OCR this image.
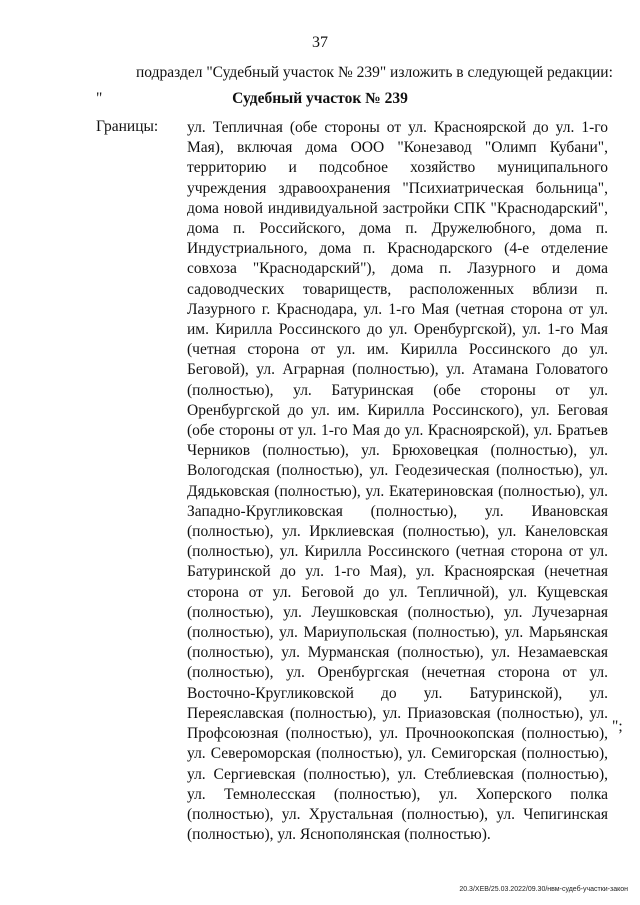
37
подраздел "Судебный участок № 239" изложить в следующей редакции:
"	Судебный участок № 239
Границы: ул. Тепличная (обе стороны от ул. Красноярской до ул. 1-го Мая), включая дома ООО "Конезавод "Олимп Кубани", территорию и подсобное хозяйство муниципального учреждения здравоохранения "Психиатрическая больница", дома новой индивидуальной застройки СПК "Краснодарский", дома п. Российского, дома п. Дружелюбного, дома п. Индустриального, дома п. Краснодарского (4-е отделение совхоза "Краснодарский"), дома п. Лазурного и дома садоводческих товариществ, расположенных вблизи п. Лазурного г. Краснодара, ул. 1-го Мая (четная сторона от ул. им. Кирилла Россинского до ул. Оренбургской), ул. 1-го Мая (четная сторона от ул. им. Кирилла Россинского до ул. Беговой), ул. Аграрная (полностью), ул. Атамана Головатого (полностью), ул. Батуринская (обе стороны от ул. Оренбургской до ул. им. Кирилла Россинского), ул. Беговая (обе стороны от ул. 1-го Мая до ул. Красноярской), ул. Братьев Черников (полностью), ул. Брюховецкая (полностью), ул. Вологодская (полностью), ул. Геодезическая (полностью), ул. Дядьковская (полностью), ул. Екатериновская (полностью), ул. Западно-Кругликовская (полностью), ул. Ивановская (полностью), ул. Ирклиевская (полностью), ул. Канеловская (полностью), ул. Кирилла Россинского (четная сторона от ул. Батуринской до ул. 1-го Мая), ул. Красноярская (нечетная сторона от ул. Беговой до ул. Тепличной), ул. Кущевская (полностью), ул. Леушковская (полностью), ул. Лучезарная (полностью), ул. Мариупольская (полностью), ул. Марьянская (полностью), ул. Мурманская (полностью), ул. Незамаевская (полностью), ул. Оренбургская (нечетная сторона от ул. Восточно-Кругликовской до ул. Батуринской), ул. Переяславская (полностью), ул. Приазовская (полностью), ул. Профсоюзная (полностью), ул. Прочноокопская (полностью), ул. Североморская (полностью), ул. Семигорская (полностью), ул. Сергиевская (полностью), ул. Стеблиевская (полностью), ул. Темнолесская (полностью), ул. Хоперского полка (полностью), ул. Хрустальная (полностью), ул. Чепигинская (полностью), ул. Яснополянская (полностью).
";
20.3/ХЕВ/25.03.2022/09.30/нвм-судеб-участки-закон
